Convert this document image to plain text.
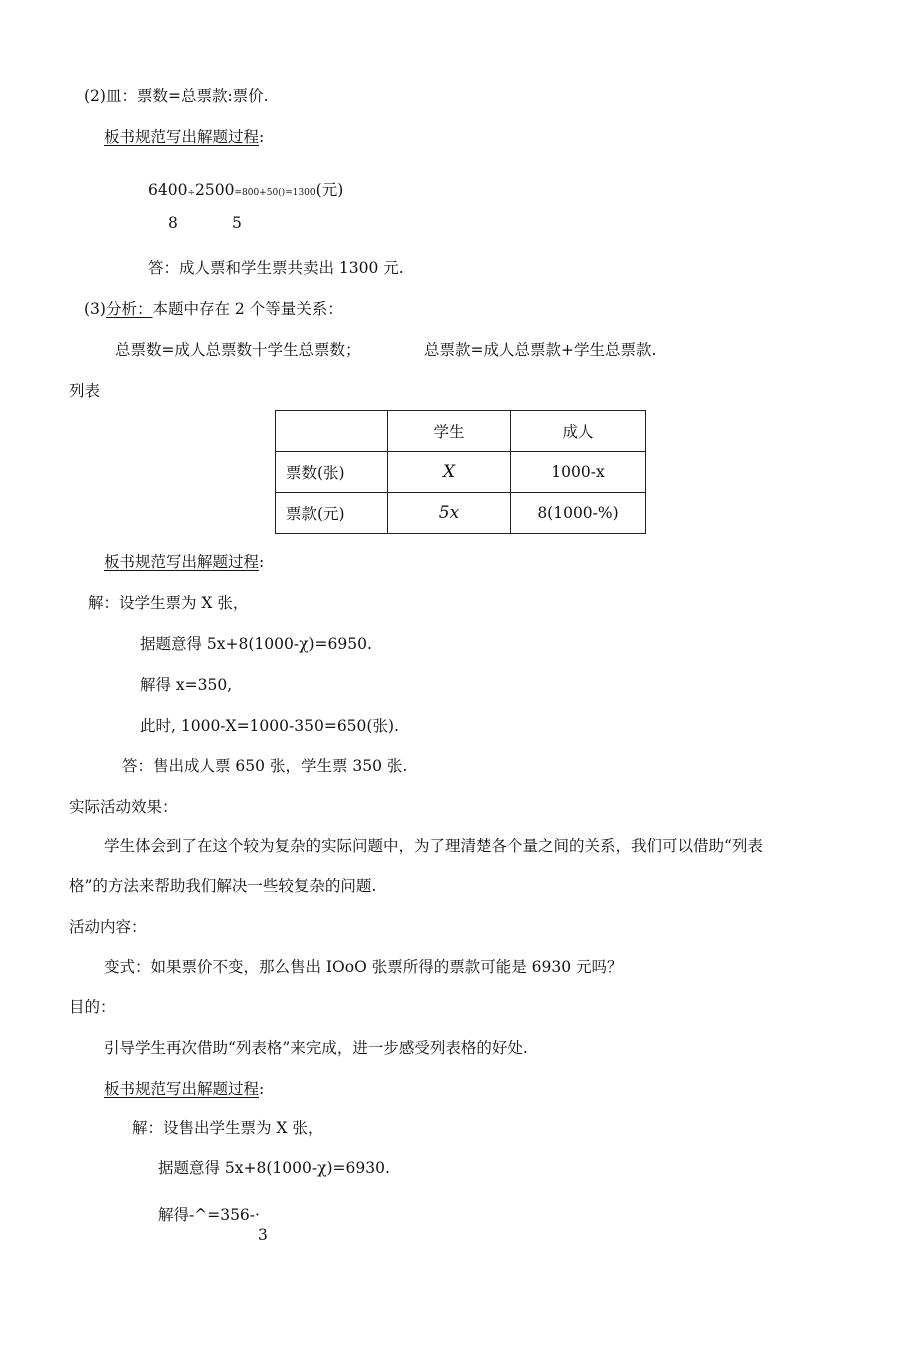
(2)皿：票数=总票款:票价.
板书规范写出解题过程:
6400÷2500=800+50()=1300(元)
8	5
答：成人票和学生票共卖出 1300 元.
(3)分析：本题中存在 2 个等量关系：
总票数=成人总票数十学生总票数；	总票款=成人总票款+学生总票款.
列表
	学生	成人
票数(张)	X	1000-x
票款(元)	5x	8(1000-%)
板书规范写出解题过程:
解：设学生票为 X 张，
据题意得 5x+8(1000-χ)=6950.
解得 x=350,
此时, 1000-X=1000-350=650(张).
答：售出成人票 650 张，学生票 350 张.
实际活动效果：
学生体会到了在这个较为复杂的实际问题中，为了理清楚各个量之间的关系，我们可以借助“列表
格”的方法来帮助我们解决一些较复杂的问题.
活动内容：
变式：如果票价不变，那么售出 IOoO 张票所得的票款可能是 6930 元吗？
目的：
引导学生再次借助“列表格”来完成，进一步感受列表格的好处.
板书规范写出解题过程:
解：设售出学生票为 X 张，
据题意得 5x+8(1000-χ)=6930.
解得-^=356-·
3
